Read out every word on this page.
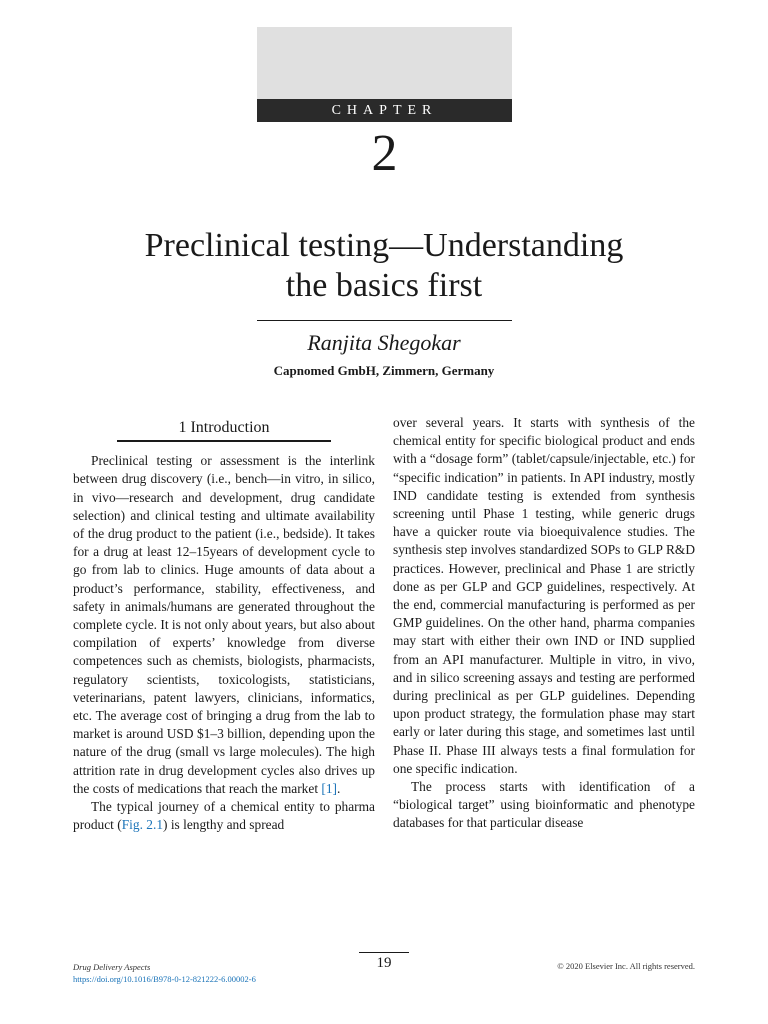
CHAPTER
2
Preclinical testing—Understanding
the basics first
Ranjita Shegokar
Capnomed GmbH, Zimmern, Germany
1 Introduction

Preclinical testing or assessment is the interlink between drug discovery (i.e., bench—in vitro, in silico, in vivo—research and development, drug candidate selection) and clinical testing and ultimate availability of the drug product to the patient (i.e., bedside). It takes for a drug at least 12–15years of development cycle to go from lab to clinics. Huge amounts of data about a product’s performance, stability, effectiveness, and safety in animals/humans are generated throughout the complete cycle. It is not only about years, but also about compilation of experts’ knowledge from diverse competences such as chemists, biologists, pharmacists, regulatory scientists, toxicologists, statisticians, veterinarians, patent lawyers, clinicians, informatics, etc. The average cost of bringing a drug from the lab to market is around USD $1–3 billion, depending upon the nature of the drug (small vs large molecules). The high attrition rate in drug development cycles also drives up the costs of medications that reach the market [1].

The typical journey of a chemical entity to pharma product (Fig. 2.1) is lengthy and spread

over several years. It starts with synthesis of the chemical entity for specific biological product and ends with a “dosage form” (tablet/capsule/injectable, etc.) for “specific indication” in patients. In API industry, mostly IND candidate testing is extended from synthesis screening until Phase 1 testing, while generic drugs have a quicker route via bioequivalence studies. The synthesis step involves standardized SOPs to GLP R&D practices. However, preclinical and Phase 1 are strictly done as per GLP and GCP guidelines, respectively. At the end, commercial manufacturing is performed as per GMP guidelines. On the other hand, pharma companies may start with either their own IND or IND supplied from an API manufacturer. Multiple in vitro, in vivo, and in silico screening assays and testing are performed during preclinical as per GLP guidelines. Depending upon product strategy, the formulation phase may start early or later during this stage, and sometimes last until Phase II. Phase III always tests a final formulation for one specific indication.

The process starts with identification of a “biological target” using bioinformatic and phenotype databases for that particular disease

19
Drug Delivery Aspects
https://doi.org/10.1016/B978-0-12-821222-6.00002-6
© 2020 Elsevier Inc. All rights reserved.
